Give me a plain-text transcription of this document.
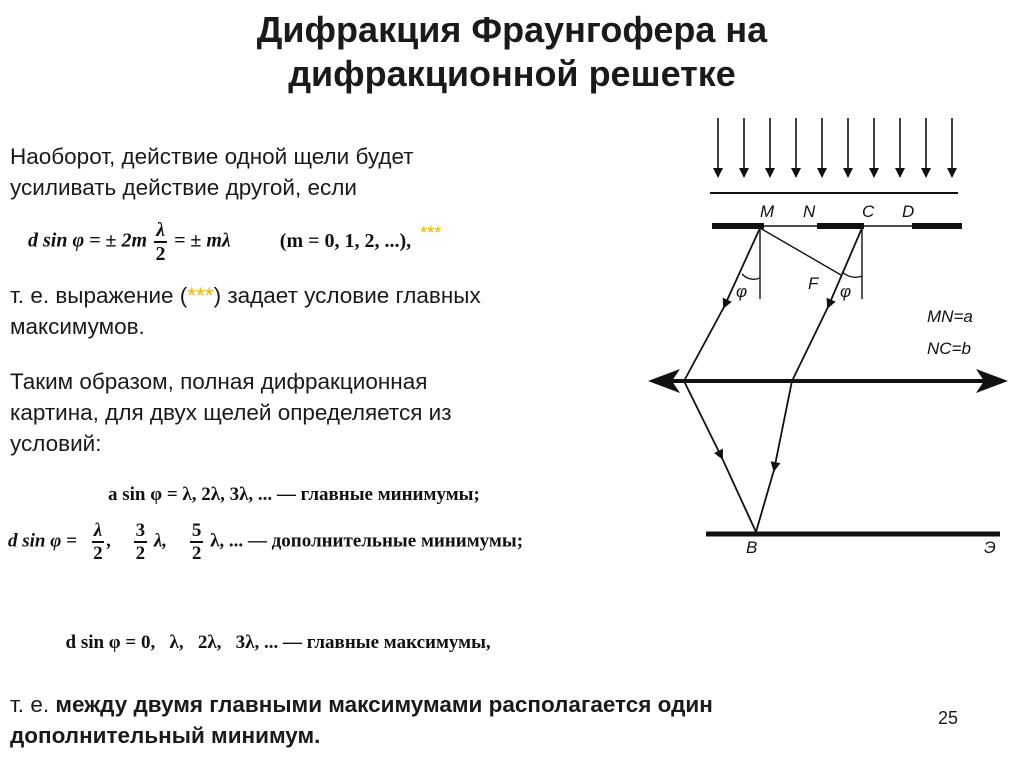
Дифракция Фраунгофера на
дифракционной решетке
Наоборот, действие одной щели будет
усиливать действие другой, если
d sin φ = ± $2m \frac{\lambda}{2}$ = ± mλ (m = 0, 1, 2, ...), ***
т. е. выражение (***) задает условие главных
максимумов.
Таким образом, полная дифракционная
картина, для двух щелей определяется из
условий:
a sin φ = λ, 2λ, 3λ, ... — главные минимумы;
d $\sin \varphi = \frac{\lambda}{2}$ , $\frac{3}{2} \lambda$, $\frac{5}{2} \lambda$, ... — дополнительные минимумы;

d sin φ = 0,   λ,   2λ,   3λ, ... — главные максимумы,

т. е. между двумя главными максимумами располагается один
дополнительный минимум.
25
M N	C D
φ	F φ
MN=a
NC=b
B	Э
